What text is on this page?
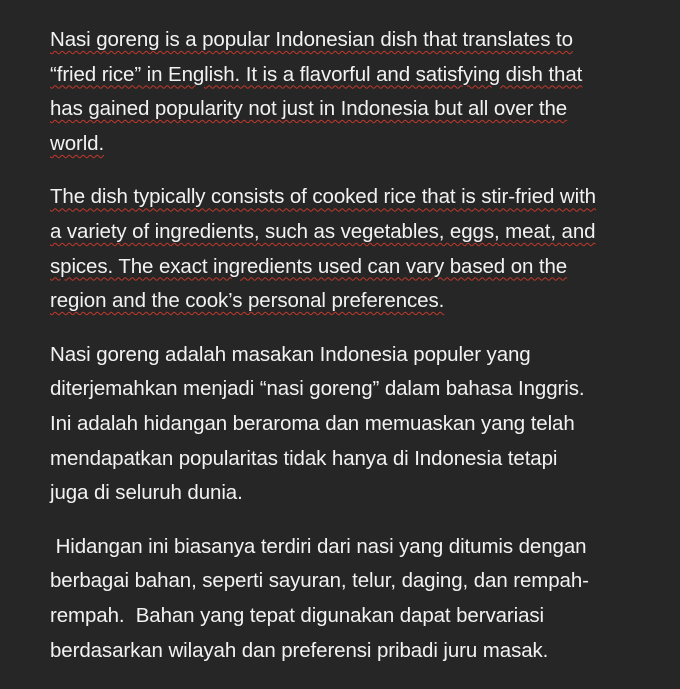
Nasi goreng is a popular Indonesian dish that translates to
“fried rice” in English. It is a flavorful and satisfying dish that
has gained popularity not just in Indonesia but all over the
world.
The dish typically consists of cooked rice that is stir-fried with
a variety of ingredients, such as vegetables, eggs, meat, and
spices. The exact ingredients used can vary based on the
region and the cook’s personal preferences.
Nasi goreng adalah masakan Indonesia populer yang
diterjemahkan menjadi “nasi goreng” dalam bahasa Inggris.
Ini adalah hidangan beraroma dan memuaskan yang telah
mendapatkan popularitas tidak hanya di Indonesia tetapi
juga di seluruh dunia.
Hidangan ini biasanya terdiri dari nasi yang ditumis dengan
berbagai bahan, seperti sayuran, telur, daging, dan rempah-
rempah.  Bahan yang tepat digunakan dapat bervariasi
berdasarkan wilayah dan preferensi pribadi juru masak.
